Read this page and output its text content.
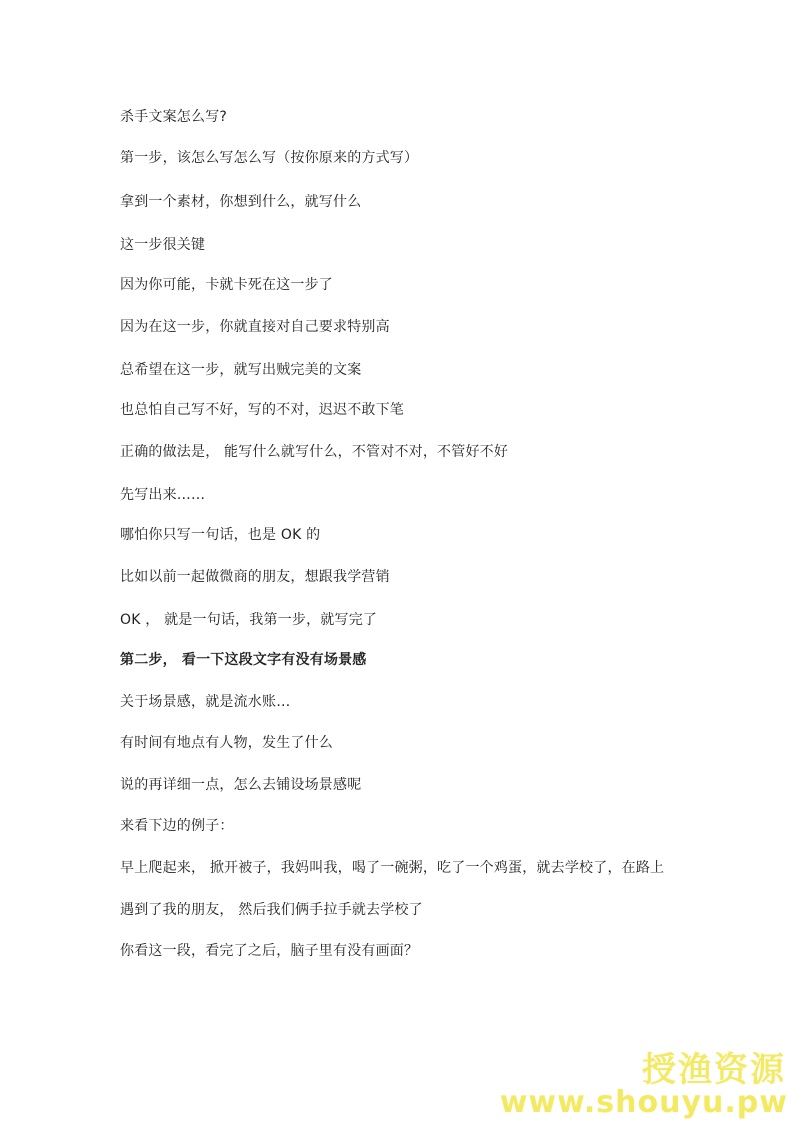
杀手文案怎么写?
第一步，该怎么写怎么写（按你原来的方式写）
拿到一个素材，你想到什么，就写什么
这一步很关键
因为你可能，卡就卡死在这一步了
因为在这一步，你就直接对自己要求特别高
总希望在这一步，就写出贼完美的文案
也总怕自己写不好，写的不对，迟迟不敢下笔
正确的做法是， 能写什么就写什么，不管对不对，不管好不好
先写出来……
哪怕你只写一句话，也是 OK 的
比如以前一起做微商的朋友，想跟我学营销
OK ， 就是一句话，我第一步，就写完了
第二步， 看一下这段文字有没有场景感
关于场景感，就是流水账…
有时间有地点有人物，发生了什么
说的再详细一点，怎么去铺设场景感呢
来看下边的例子：
早上爬起来， 掀开被子，我妈叫我，喝了一碗粥，吃了一个鸡蛋，就去学校了，在路上
遇到了我的朋友， 然后我们俩手拉手就去学校了
你看这一段，看完了之后，脑子里有没有画面？
授渔资源
www.shouyu.pw
